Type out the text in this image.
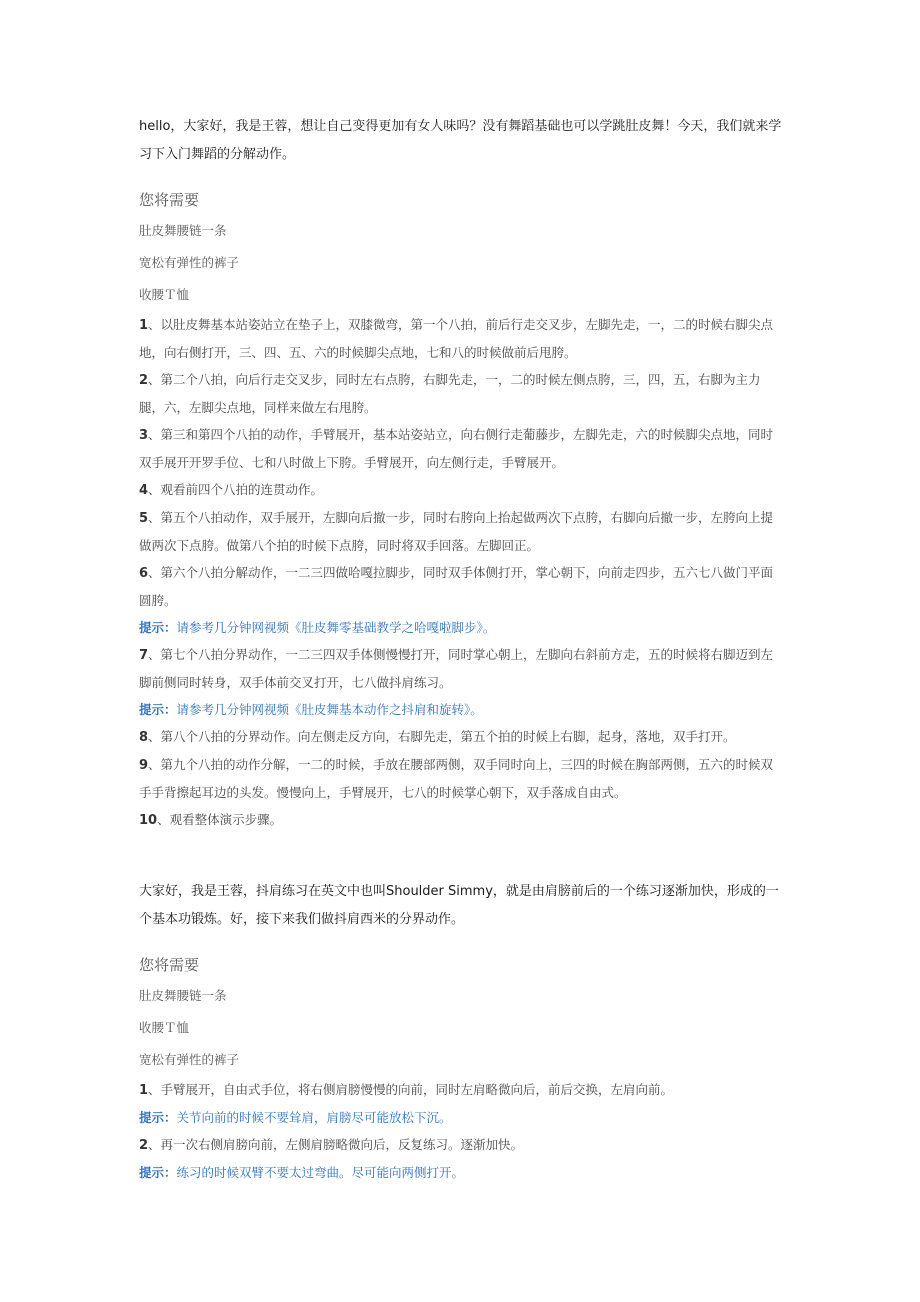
hello，大家好，我是王蓉，想让自己变得更加有女人味吗？没有舞蹈基础也可以学跳肚皮舞！今天，我们就来学习下入门舞蹈的分解动作。

您将需要

肚皮舞腰链一条

宽松有弹性的裤子

收腰Ｔ恤

1、以肚皮舞基本站姿站立在垫子上，双膝微弯，第一个八拍，前后行走交叉步，左脚先走，一，二的时候右脚尖点地，向右侧打开，三、四、五、六的时候脚尖点地，七和八的时候做前后甩胯。

2、第二个八拍，向后行走交叉步，同时左右点胯，右脚先走，一，二的时候左侧点胯，三，四，五，右脚为主力腿，六，左脚尖点地，同样来做左右甩胯。

3、第三和第四个八拍的动作，手臂展开，基本站姿站立，向右侧行走葡藤步，左脚先走，六的时候脚尖点地，同时双手展开开罗手位、七和八时做上下胯。手臂展开，向左侧行走，手臂展开。

4、观看前四个八拍的连贯动作。

5、第五个八拍动作，双手展开，左脚向后撤一步，同时右胯向上抬起做两次下点胯，右脚向后撤一步，左胯向上提做两次下点胯。做第八个拍的时候下点胯，同时将双手回落。左脚回正。

6、第六个八拍分解动作，一二三四做哈嘎拉脚步，同时双手体侧打开，掌心朝下，向前走四步，五六七八做门平面圆胯。

提示：请参考几分钟网视频《肚皮舞零基础教学之哈嘎啦脚步》。

7、第七个八拍分界动作，一二三四双手体侧慢慢打开，同时掌心朝上，左脚向右斜前方走，五的时候将右脚迈到左脚前侧同时转身，双手体前交叉打开，七八做抖肩练习。

提示：请参考几分钟网视频《肚皮舞基本动作之抖肩和旋转》。

8、第八个八拍的分界动作。向左侧走反方向，右脚先走，第五个拍的时候上右脚，起身，落地，双手打开。

9、第九个八拍的动作分解，一二的时候，手放在腰部两侧，双手同时向上，三四的时候在胸部两侧，五六的时候双手手背擦起耳边的头发。慢慢向上，手臂展开，七八的时候掌心朝下，双手落成自由式。

10、观看整体演示步骤。

大家好，我是王蓉，抖肩练习在英文中也叫Shoulder Simmy，就是由肩膀前后的一个练习逐渐加快，形成的一个基本功锻炼。好，接下来我们做抖肩西米的分界动作。

您将需要

肚皮舞腰链一条

收腰Ｔ恤

宽松有弹性的裤子

1、手臂展开，自由式手位，将右侧肩膀慢慢的向前，同时左肩略微向后，前后交换，左肩向前。

提示：关节向前的时候不要耸肩，肩膀尽可能放松下沉。

2、再一次右侧肩膀向前，左侧肩膀略微向后，反复练习。逐渐加快。

提示：练习的时候双臂不要太过弯曲。尽可能向两侧打开。
